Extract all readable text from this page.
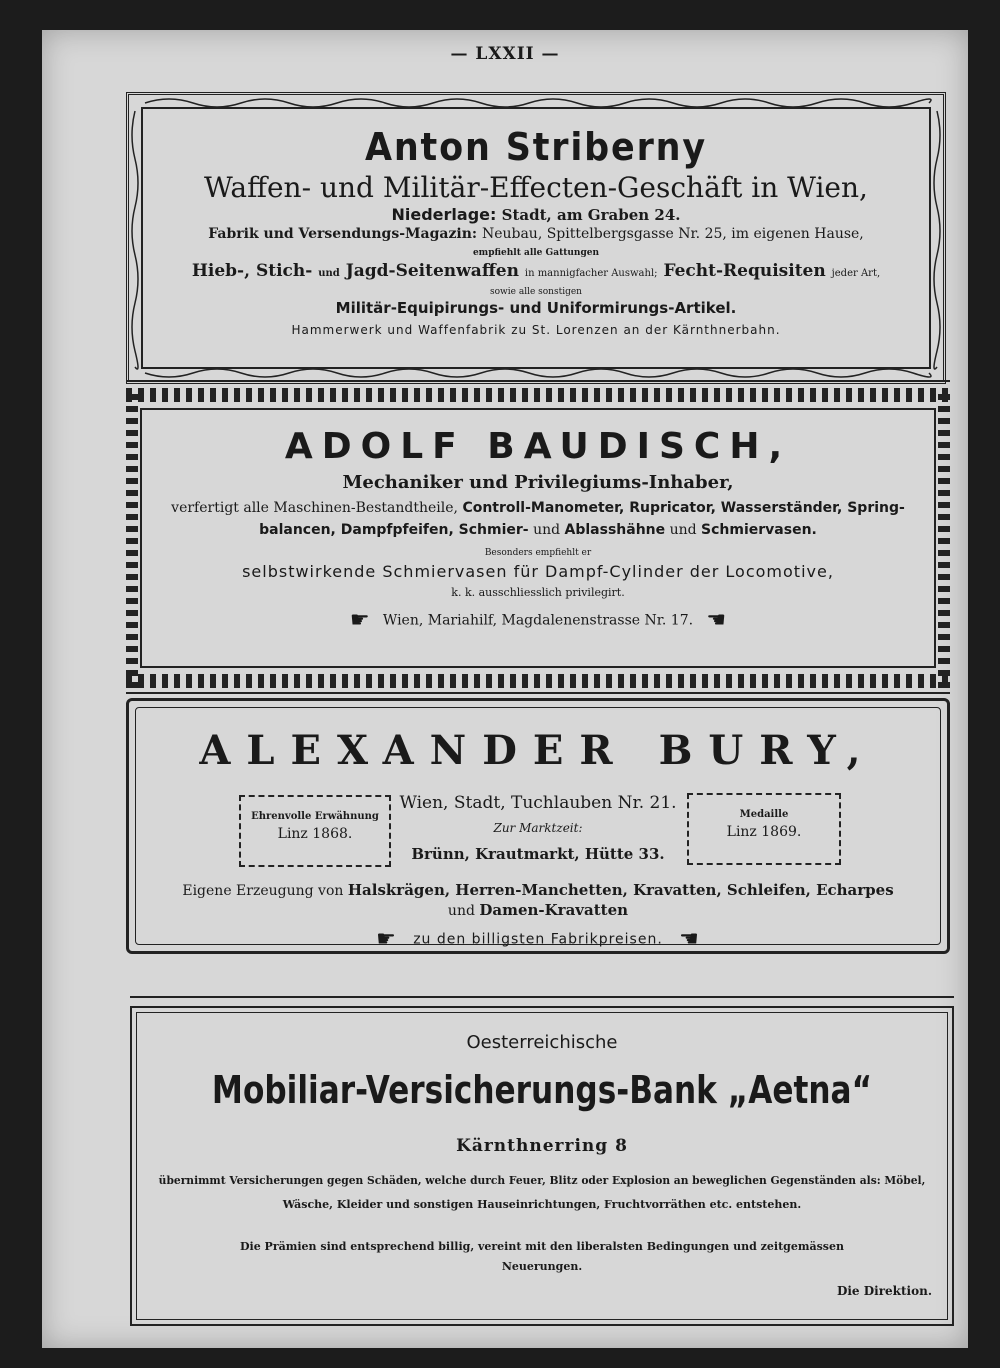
— LXXII —
Anton Striberny
Waffen- und Militär-Effecten-Geschäft in Wien,
Niederlage: Stadt, am Graben 24.
Fabrik und Versendungs-Magazin: Neubau, Spittelbergsgasse Nr. 25, im eigenen Hause,
empfiehlt alle Gattungen
Hieb-, Stich- und Jagd-Seitenwaffen in mannigfacher Auswahl; Fecht-Requisiten jeder Art,
sowie alle sonstigen
Militär-Equipirungs- und Uniformirungs-Artikel.
Hammerwerk und Waffenfabrik zu St. Lorenzen an der Kärnthnerbahn.
ADOLF BAUDISCH,
Mechaniker und Privilegiums-Inhaber,
verfertigt alle Maschinen-Bestandtheile, Controll-Manometer, Rupricator, Wasserständer, Spring-
balancen, Dampfpfeifen, Schmier- und Ablasshähne und Schmiervasen.
Besonders empfiehlt er
selbstwirkende Schmiervasen für Dampf-Cylinder der Locomotive,
k. k. ausschliesslich privilegirt.
☛ Wien, Mariahilf, Magdalenenstrasse Nr. 17. ☚
ALEXANDER BURY,
Ehrenvolle Erwähnung
Linz 1868.
Medaille
Linz 1869.
Wien, Stadt, Tuchlauben Nr. 21.
Zur Marktzeit:
Brünn, Krautmarkt, Hütte 33.
Eigene Erzeugung von Halskrägen, Herren-Manchetten, Kravatten, Schleifen, Echarpes
und Damen-Kravatten
☛ zu den billigsten Fabrikpreisen. ☚
Oesterreichische
Mobiliar-Versicherungs-Bank „Aetna“
Kärnthnerring 8
übernimmt Versicherungen gegen Schäden, welche durch Feuer, Blitz oder Explosion an beweglichen Gegenständen als: Möbel,
Wäsche, Kleider und sonstigen Hauseinrichtungen, Fruchtvorräthen etc. entstehen.
Die Prämien sind entsprechend billig, vereint mit den liberalsten Bedingungen und zeitgemässen
Neuerungen.
Die Direktion.
